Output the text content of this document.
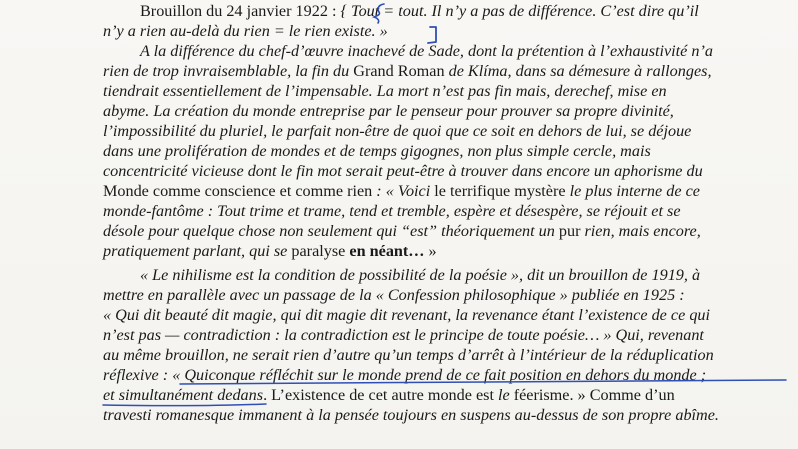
Brouillon du 24 janvier 1922 : { Tout = tout. Il n’y a pas de différence. C’est dire qu’il
n’y a rien au-delà du rien = le rien existe. »
A la différence du chef-d’œuvre inachevé de Sade, dont la prétention à l’exhaustivité n’a
rien de trop invraisemblable, la fin du Grand Roman de Klíma, dans sa démesure à rallonges,
tiendrait essentiellement de l’impensable. La mort n’est pas fin mais, derechef, mise en
abyme. La création du monde entreprise par le penseur pour prouver sa propre divinité,
l’impossibilité du pluriel, le parfait non-être de quoi que ce soit en dehors de lui, se déjoue
dans une prolifération de mondes et de temps gigognes, non plus simple cercle, mais
concentricité vicieuse dont le fin mot serait peut-être à trouver dans encore un aphorisme du
Monde comme conscience et comme rien : « Voici le terrifique mystère le plus interne de ce
monde-fantôme : Tout trime et trame, tend et tremble, espère et désespère, se réjouit et se
désole pour quelque chose non seulement qui “est” théoriquement un pur rien, mais encore,
pratiquement parlant, qui se paralyse en néant… »
« Le nihilisme est la condition de possibilité de la poésie », dit un brouillon de 1919, à
mettre en parallèle avec un passage de la « Confession philosophique » publiée en 1925 :
« Qui dit beauté dit magie, qui dit magie dit revenant, la revenance étant l’existence de ce qui
n’est pas — contradiction : la contradiction est le principe de toute poésie… » Qui, revenant
au même brouillon, ne serait rien d’autre qu’un temps d’arrêt à l’intérieur de la réduplication
réflexive : « Quiconque réfléchit sur le monde prend de ce fait position en dehors du monde ;
et simultanément dedans. L’existence de cet autre monde est le féerisme. » Comme d’un
travesti romanesque immanent à la pensée toujours en suspens au-dessus de son propre abîme.
